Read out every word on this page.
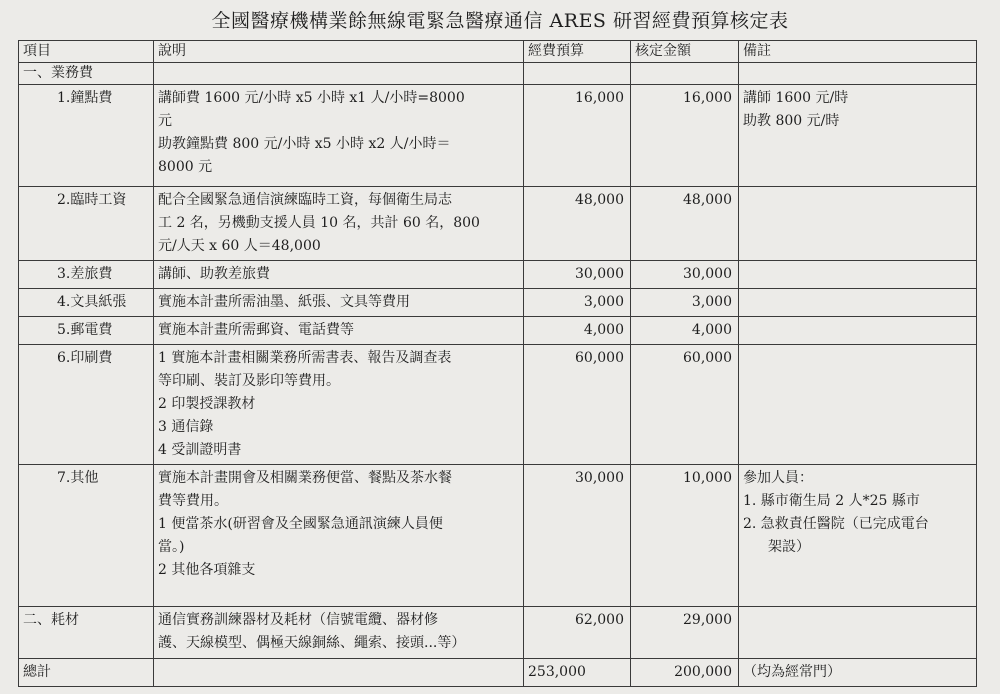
全國醫療機構業餘無線電緊急醫療通信 ARES 研習經費預算核定表
項目	說明	經費預算	核定金額	備註
一、業務費				
1.鐘點費	講師費 1600 元/小時 x5 小時 x1 人/小時=8000
元
助教鐘點費 800 元/小時 x5 小時 x2 人/小時＝
8000 元	16,000	16,000	講師 1600 元/時
助教 800 元/時

2.臨時工資	配合全國緊急通信演練臨時工資，每個衛生局志
工 2 名，另機動支援人員 10 名，共計 60 名，800
元/人天 x 60 人＝48,000	48,000	48,000	

3.差旅費	講師、助教差旅費	30,000	30,000	

4.文具紙張	實施本計畫所需油墨、紙張、文具等費用	3,000	3,000	

5.郵電費	實施本計畫所需郵資、電話費等	4,000	4,000	

6.印刷費	1 實施本計畫相關業務所需書表、報告及調查表
等印刷、裝訂及影印等費用。
2 印製授課教材
3 通信錄
4 受訓證明書	60,000	60,000	

7.其他	實施本計畫開會及相關業務便當、餐點及茶水餐
費等費用。
1 便當茶水(研習會及全國緊急通訊演練人員便
當。)
2 其他各項雜支	30,000	10,000	參加人員：
1. 縣市衛生局 2 人*25 縣市
2. 急救責任醫院（已完成電台
架設）

二、耗材	通信實務訓練器材及耗材（信號電纜、器材修
護、天線模型、偶極天線銅絲、繩索、接頭...等）	62,000	29,000	
總計		253,000	200,000	（均為經常門）
